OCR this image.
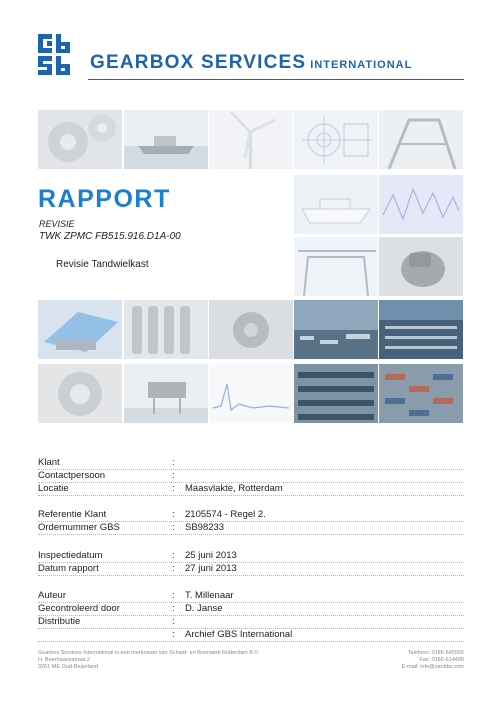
GEARBOX SERVICES INTERNATIONAL
RAPPORT
REVISIE
TWK ZPMC FB515.916.D1A-00
Revisie Tandwielkast
Klant	:
Contactpersoon	:
Locatie	: Maasvlakte, Rotterdam
Referentie Klant	: 2105574 - Regel 2.
Ordernummer GBS	: SB98233
Inspectiedatum	: 25 juni 2013
Datum rapport	: 27 juni 2013
Auteur	: T. Millenaar
Gecontroleerd door	: D. Janse
Distributie	:
: Archief GBS International
Gearbox Services International is een merknaam van Schaaf- en Boorwerk Rotterdam B.V.
H. Boerhaavestraat 2
3261 ME Oud-Beijerland
Telefoon: 0186-645555
Fax: 0186-614490
E-mail: info@sanbbv.com
